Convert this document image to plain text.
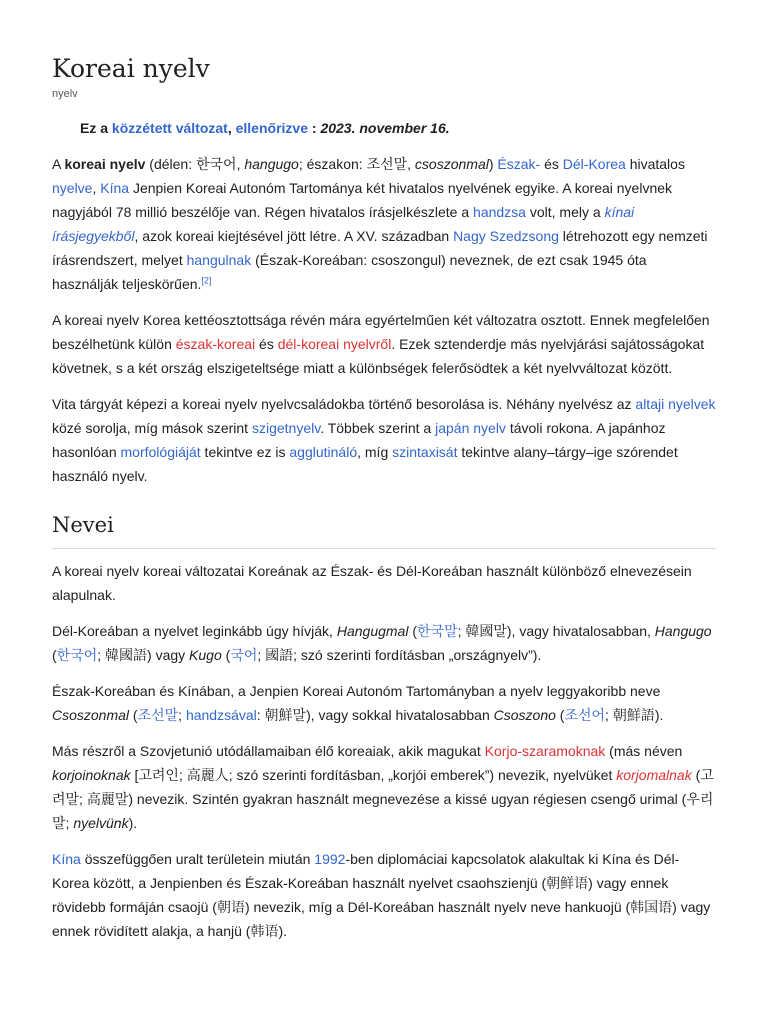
Koreai nyelv
nyelv
Ez a közzétett változat, ellenőrizve : 2023. november 16.

A koreai nyelv (délen: 한국어, hangugo; északon: 조선말, csoszonmal) Észak- és Dél-Korea hivatalos nyelve, Kína Jenpien Koreai Autonóm Tartománya két hivatalos nyelvének egyike. A koreai nyelvnek nagyjából 78 millió beszélője van. Régen hivatalos írásjelkészlete a handzsa volt, mely a kínai írásjegyekből, azok koreai kiejtésével jött létre. A XV. században Nagy Szedzsong létrehozott egy nemzeti írásrendszert, melyet hangulnak (Észak-Koreában: csoszongul) neveznek, de ezt csak 1945 óta használják teljeskörűen.[2]

A koreai nyelv Korea kettéosztottsága révén mára egyértelműen két változatra osztott. Ennek megfelelően beszélhetünk külön észak-koreai és dél-koreai nyelvről. Ezek sztenderdje más nyelvjárási sajátosságokat követnek, s a két ország elszigeteltsége miatt a különbségek felerősödtek a két nyelvváltozat között.

Vita tárgyát képezi a koreai nyelv nyelvcsaládokba történő besorolása is. Néhány nyelvész az altaji nyelvek közé sorolja, míg mások szerint szigetnyelv. Többek szerint a japán nyelv távoli rokona. A japánhoz hasonlóan morfológiáját tekintve ez is agglutináló, míg szintaxisát tekintve alany–tárgy–ige szórendet használó nyelv.

Nevei

A koreai nyelv koreai változatai Koreának az Észak- és Dél-Koreában használt különböző elnevezésein alapulnak.

Dél-Koreában a nyelvet leginkább úgy hívják, Hangugmal (한국말; 韓國말), vagy hivatalosabban, Hangugo (한국어; 韓國語) vagy Kugo (국어; 國語; szó szerinti fordításban „országnyelv”).

Észak-Koreában és Kínában, a Jenpien Koreai Autonóm Tartományban a nyelv leggyakoribb neve Csoszonmal (조선말; handzsával: 朝鮮말), vagy sokkal hivatalosabban Csoszono (조선어; 朝鮮語).

Más részről a Szovjetunió utódállamaiban élő koreaiak, akik magukat Korjo-szaramoknak (más néven korjoinoknak [고려인; 高麗人; szó szerinti fordításban, „korjói emberek”) nevezik, nyelvüket korjomalnak (고려말; 高麗말) nevezik. Szintén gyakran használt megnevezése a kissé ugyan régiesen csengő urimal (우리말; nyelvünk).

Kína összefüggően uralt területein miután 1992-ben diplomáciai kapcsolatok alakultak ki Kína és Dél-Korea között, a Jenpienben és Észak-Koreában használt nyelvet csaohszienjü (朝鲜语) vagy ennek rövidebb formáján csaojü (朝语) nevezik, míg a Dél-Koreában használt nyelv neve hankuojü (韩国语) vagy ennek rövidített alakja, a hanjü (韩语).
